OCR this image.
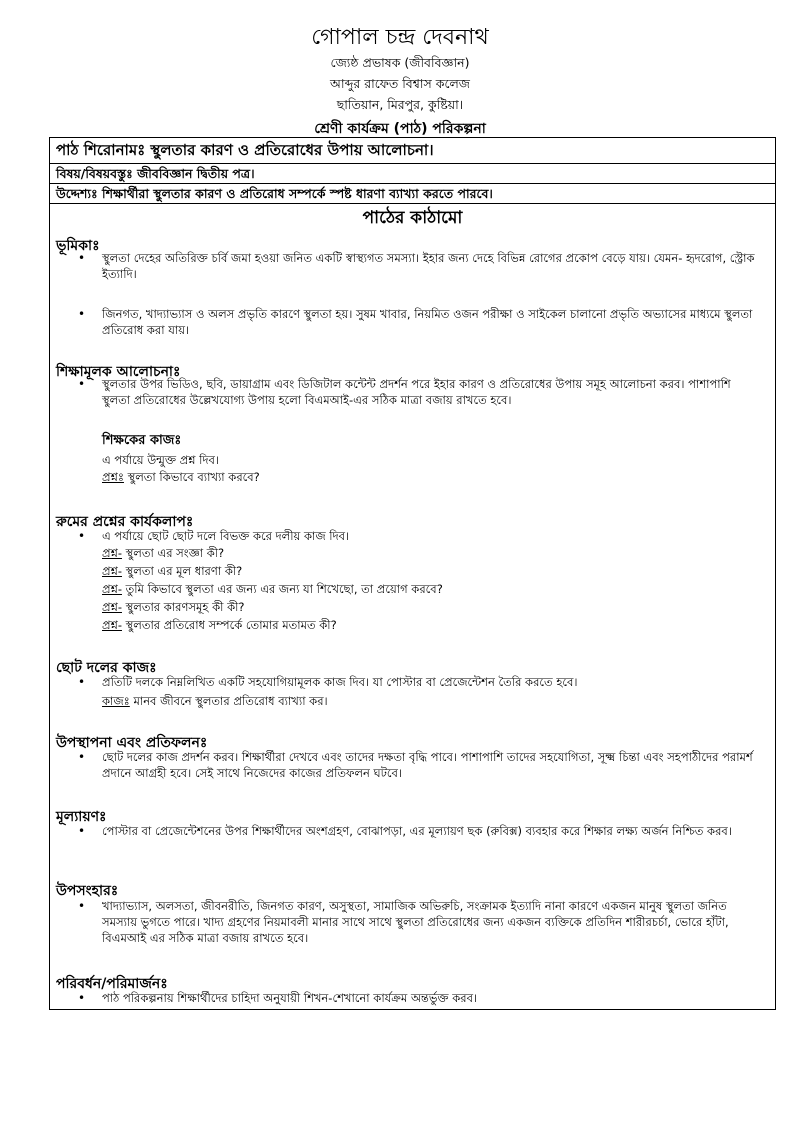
গোপাল চন্দ্র দেবনাথ
জ্যেষ্ঠ প্রভাষক (জীববিজ্ঞান)
আব্দুর রাফেত বিশ্বাস কলেজ
ছাতিয়ান, মিরপুর, কুষ্টিয়া।
শ্রেণী কার্যক্রম (পাঠ) পরিকল্পনা
পাঠ শিরোনামঃ স্থুলতার কারণ ও প্রতিরোধের উপায় আলোচনা।
বিষয়/বিষয়বস্তুঃ জীববিজ্ঞান দ্বিতীয় পত্র।
উদ্দেশ্যঃ শিক্ষার্থীরা স্থুলতার কারণ ও প্রতিরোধ সম্পর্কে স্পষ্ট ধারণা ব্যাখ্যা করতে পারবে।
পাঠের কাঠামো
ভূমিকাঃ
• স্থুলতা দেহের অতিরিক্ত চর্বি জমা হওয়া জনিত একটি স্বাস্থ্যগত সমস্যা। ইহার জন্য দেহে বিভিন্ন রোগের প্রকোপ বেড়ে যায়। যেমন- হৃদরোগ, স্ট্রোক ইত্যাদি।
• জিনগত, খাদ্যাভ্যাস ও অলস প্রভৃতি কারণে স্থুলতা হয়। সুষম খাবার, নিয়মিত ওজন পরীক্ষা ও সাইকেল চালানো প্রভৃতি অভ্যাসের মাধ্যমে স্থুলতা প্রতিরোধ করা যায়।
শিক্ষামূলক আলোচনাঃ
• স্থুলতার উপর ভিডিও, ছবি, ডায়াগ্রাম এবং ডিজিটাল কন্টেন্ট প্রদর্শন পরে ইহার কারণ ও প্রতিরোধের উপায় সমূহ আলোচনা করব। পাশাপাশি স্থুলতা প্রতিরোধের উল্লেখযোগ্য উপায় হলো বিএমআই-এর সঠিক মাত্রা বজায় রাখতে হবে।
শিক্ষকের কাজঃ
এ পর্যায়ে উন্মুক্ত প্রশ্ন দিব।
প্রশ্নঃ স্থুলতা কিভাবে ব্যাখ্যা করবে?
রুমের প্রশ্নের কার্যকলাপঃ
• এ পর্যায়ে ছোট ছোট দলে বিভক্ত করে দলীয় কাজ দিব।
প্রশ্ন- স্থুলতা এর সংজ্ঞা কী?
প্রশ্ন- স্থুলতা এর মূল ধারণা কী?
প্রশ্ন- তুমি কিভাবে স্থুলতা এর জন্য এর জন্য যা শিখেছো, তা প্রয়োগ করবে?
প্রশ্ন- স্থুলতার কারণসমূহ কী কী?
প্রশ্ন- স্থুলতার প্রতিরোধ সম্পর্কে তোমার মতামত কী?
ছোট দলের কাজঃ
• প্রতিটি দলকে নিম্নলিখিত একটি সহযোগিয়ামূলক কাজ দিব। যা পোস্টার বা প্রেজেন্টেশন তৈরি করতে হবে।
কাজঃ মানব জীবনে স্থুলতার প্রতিরোধ ব্যাখ্যা কর।
উপস্থাপনা এবং প্রতিফলনঃ
• ছোট দলের কাজ প্রদর্শন করব। শিক্ষার্থীরা দেখবে এবং তাদের দক্ষতা বৃদ্ধি পাবে। পাশাপাশি তাদের সহযোগিতা, সূক্ষ্ম চিন্তা এবং সহপাঠীদের পরামর্শ প্রদানে আগ্রহী হবে। সেই সাথে নিজেদের কাজের প্রতিফলন ঘটবে।
মূল্যায়ণঃ
• পোস্টার বা প্রেজেন্টেশনের উপর শিক্ষার্থীদের অংশগ্রহণ, বোঝাপড়া, এর মূল্যায়ণ ছক (রুবিক্স) ব্যবহার করে শিক্ষার লক্ষ্য অর্জন নিশ্চিত করব।
উপসংহারঃ
• খাদ্যাভ্যাস, অলসতা, জীবনরীতি, জিনগত কারণ, অসুস্থতা, সামাজিক অভিরুচি, সংক্রামক ইত্যাদি নানা কারণে একজন মানুষ স্থুলতা জনিত সমস্যায় ভুগতে পারে। খাদ্য গ্রহণের নিয়মাবলী মানার সাথে সাথে স্থুলতা প্রতিরোধের জন্য একজন ব্যক্তিকে প্রতিদিন শারীরচর্চা, ভোরে হাঁটা, বিএমআই এর সঠিক মাত্রা বজায় রাখতে হবে।
পরিবর্ধন/পরিমার্জনঃ
• পাঠ পরিকল্পনায় শিক্ষার্থীদের চাহিদা অনুযায়ী শিখন-শেখানো কার্যক্রম অন্তর্ভুক্ত করব।
